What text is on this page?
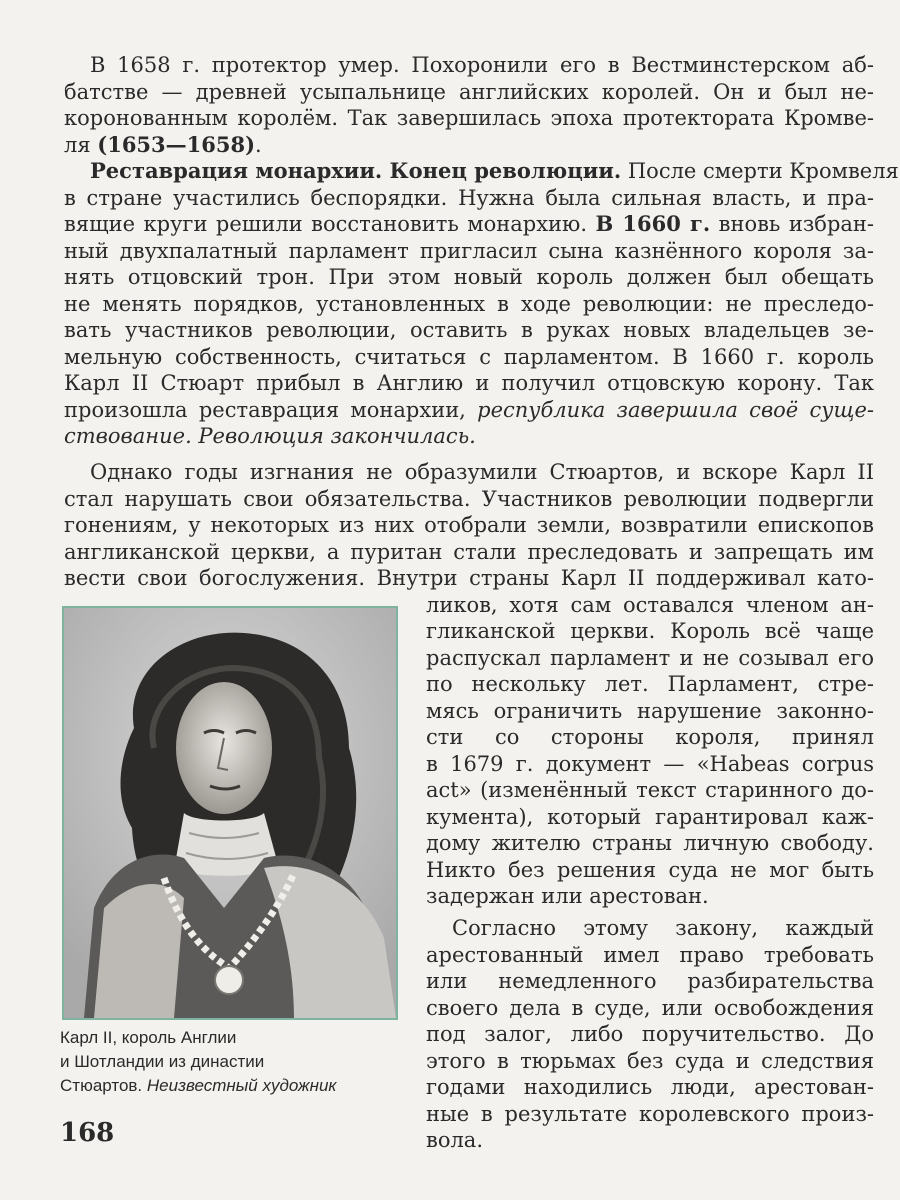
В 1658 г. протектор умер. Похоронили его в Вестминстерском аб-
батстве — древней усыпальнице английских королей. Он и был не-
коронованным королём. Так завершилась эпоха протектората Кромве-
ля (1653—1658).
Реставрация монархии. Конец революции. После смерти Кромвеля
в стране участились беспорядки. Нужна была сильная власть, и пра-
вящие круги решили восстановить монархию. В 1660 г. вновь избран-
ный двухпалатный парламент пригласил сына казнённого короля за-
нять отцовский трон. При этом новый король должен был обещать
не менять порядков, установленных в ходе революции: не преследо-
вать участников революции, оставить в руках новых владельцев зе-
мельную собственность, считаться с парламентом. В 1660 г. король
Карл II Стюарт прибыл в Англию и получил отцовскую корону. Так
произошла реставрация монархии, республика завершила своё суще-
ствование. Революция закончилась.
Однако годы изгнания не образумили Стюартов, и вскоре Карл II
стал нарушать свои обязательства. Участников революции подвергли
гонениям, у некоторых из них отобрали земли, возвратили епископов
англиканской церкви, а пуритан стали преследовать и запрещать им
вести свои богослужения. Внутри страны Карл II поддерживал като-
ликов, хотя сам оставался членом ан-
гликанской церкви. Король всё чаще
распускал парламент и не созывал его
по нескольку лет. Парламент, стре-
мясь ограничить нарушение законно-
сти со стороны короля, принял
в 1679 г. документ — «Habeas corpus
act» (изменённый текст старинного до-
кумента), который гарантировал каж-
дому жителю страны личную свободу.
Никто без решения суда не мог быть
задержан или арестован.
Согласно этому закону, каждый
арестованный имел право требовать
или немедленного разбирательства
своего дела в суде, или освобождения
под залог, либо поручительство. До
этого в тюрьмах без суда и следствия
годами находились люди, арестован-
ные в результате королевского произ-
вола.
Карл II, король Англии
и Шотландии из династии
Стюартов. Неизвестный художник
168
